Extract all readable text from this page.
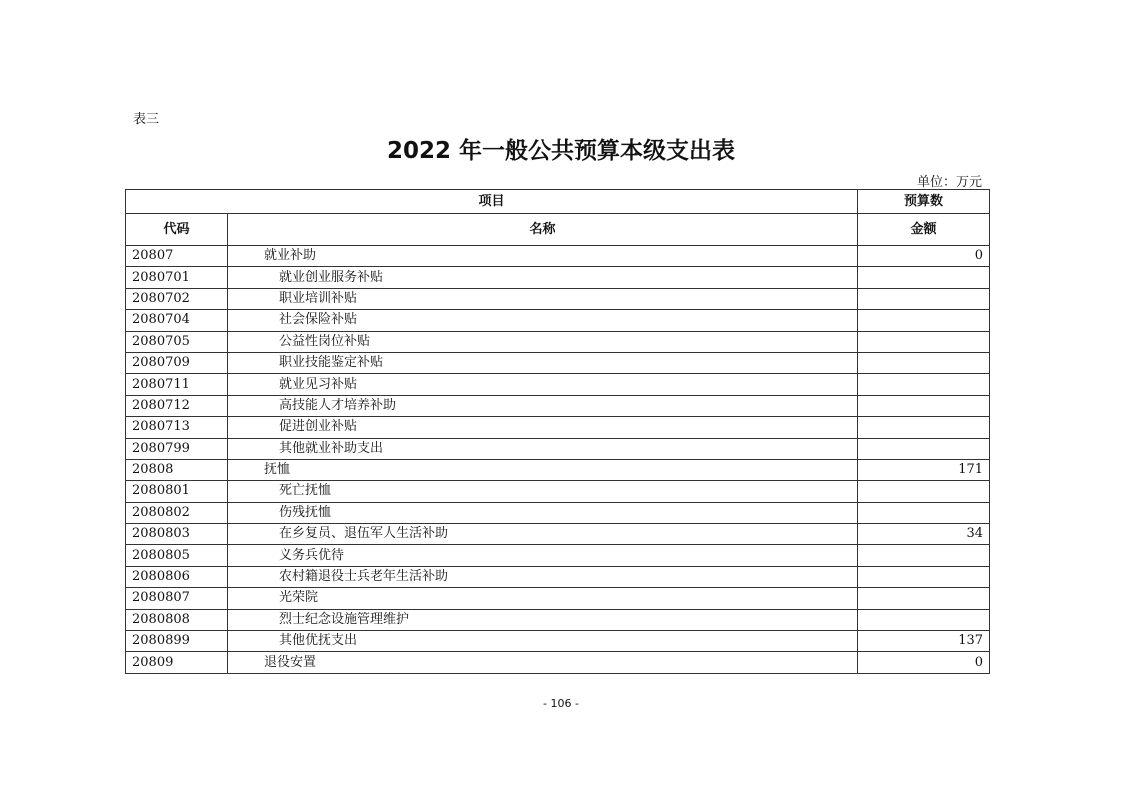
表三
2022 年一般公共预算本级支出表
单位：万元
项目		预算数
代码	名称	金额
20807	就业补助	0
2080701	就业创业服务补贴	
2080702	职业培训补贴	
2080704	社会保险补贴	
2080705	公益性岗位补贴	
2080709	职业技能鉴定补贴	
2080711	就业见习补贴	
2080712	高技能人才培养补助	
2080713	促进创业补贴	
2080799	其他就业补助支出	
20808	抚恤	171
2080801	死亡抚恤	
2080802	伤残抚恤	
2080803	在乡复员、退伍军人生活补助	34
2080805	义务兵优待	
2080806	农村籍退役士兵老年生活补助	
2080807	光荣院	
2080808	烈士纪念设施管理维护	
2080899	其他优抚支出	137
20809	退役安置	0
- 106 -
